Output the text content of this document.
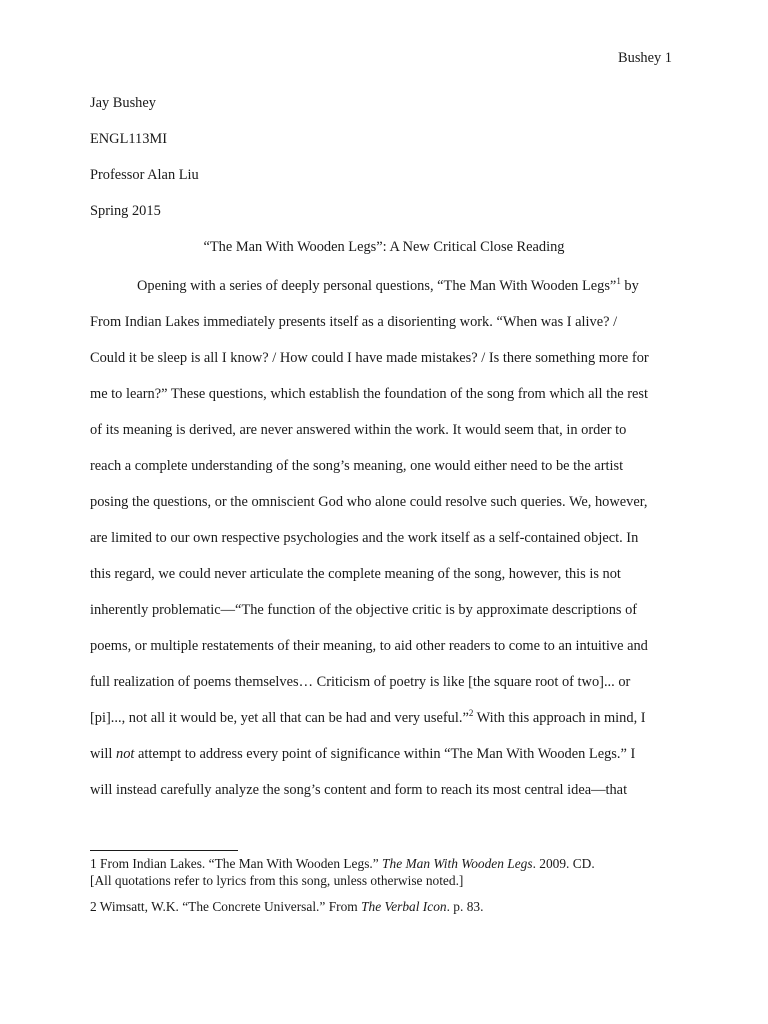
Bushey 1
Jay Bushey
ENGL113MI
Professor Alan Liu
Spring 2015
“The Man With Wooden Legs”: A New Critical Close Reading
Opening with a series of deeply personal questions, “The Man With Wooden Legs”$^1$ by
From Indian Lakes immediately presents itself as a disorienting work. “When was I alive? /
Could it be sleep is all I know? / How could I have made mistakes? / Is there something more for
me to learn?” These questions, which establish the foundation of the song from which all the rest
of its meaning is derived, are never answered within the work. It would seem that, in order to
reach a complete understanding of the song’s meaning, one would either need to be the artist
posing the questions, or the omniscient God who alone could resolve such queries. We, however,
are limited to our own respective psychologies and the work itself as a self-contained object. In
this regard, we could never articulate the complete meaning of the song, however, this is not
inherently problematic—“The function of the objective critic is by approximate descriptions of
poems, or multiple restatements of their meaning, to aid other readers to come to an intuitive and
full realization of poems themselves… Criticism of poetry is like [the square root of two]... or
[pi]..., not all it would be, yet all that can be had and very useful.”$^2$ With this approach in mind, I
will not attempt to address every point of significance within “The Man With Wooden Legs.” I
will instead carefully analyze the song’s content and form to reach its most central idea—that
1 From Indian Lakes. “The Man With Wooden Legs.” The Man With Wooden Legs. 2009. CD.
[All quotations refer to lyrics from this song, unless otherwise noted.]
2 Wimsatt, W.K. “The Concrete Universal.” From The Verbal Icon. p. 83.
